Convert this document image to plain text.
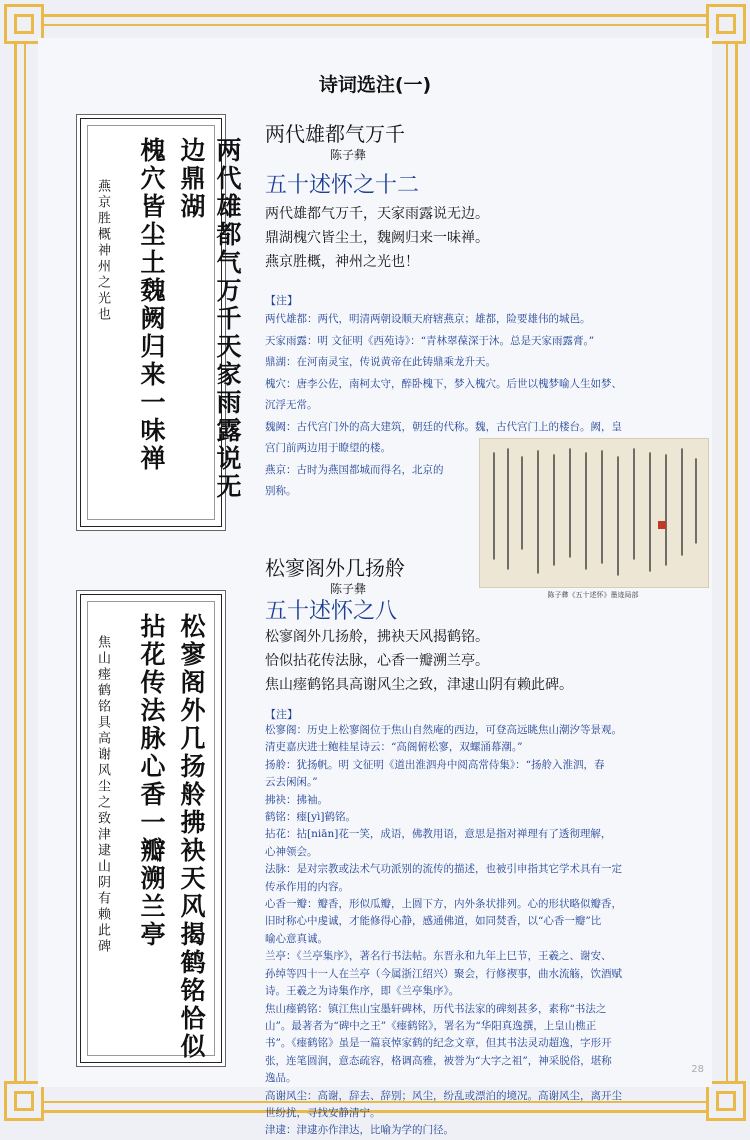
诗词选注(一)
两代雄都气万千天家雨露说无边鼎湖
槐穴皆尘土魏阙归来一味禅
燕京胜概神州之光也
两代雄都气万千
陈子彝
五十述怀之十二
两代雄都气万千，天家雨露说无边。
鼎湖槐穴皆尘土，魏阙归来一味禅。
燕京胜概，神州之光也！
【注】

两代雄都：两代，明清两朝设顺天府辖燕京；雄都，险要雄伟的城邑。

天家雨露：明 文征明《西苑诗》：“青林翠葆深于沐。总是天家雨露膏。”

鼎湖：在河南灵宝，传说黄帝在此铸鼎乘龙升天。

槐穴：唐李公佐，南柯太守，醉卧槐下，梦入槐穴。后世以槐梦喻人生如梦、

沉浮无常。

魏阙：古代宫门外的高大建筑，朝廷的代称。魏，古代宫门上的楼台。阙，皇

宫门前两边用于瞭望的楼。

燕京：古时为燕国都城而得名，北京的

别称。

陈子彝《五十述怀》墨迹局部
松寥阁外几扬舲拂袂天风揭鹤铭恰似
拈花传法脉心香一瓣溯兰亭
焦山瘗鹤铭具高谢风尘之致津逮山阴有赖此碑
松寥阁外几扬舲
陈子彝
五十述怀之八
松寥阁外几扬舲，拂袂天风揭鹤铭。
恰似拈花传法脉，心香一瓣溯兰亭。
焦山瘗鹤铭具高谢风尘之致，津逮山阴有赖此碑。
【注】

松寥阁：历史上松寥阁位于焦山自然庵的西边，可登高远眺焦山潮汐等景观。

清吏嘉庆进士鲍桂星诗云：“高阁俯松寥，双螺涌幕潮。”

扬舲：犹扬帆。明 文征明《道出淮泗舟中阅高常侍集》：“扬舲入淮泗，春

云去闲闲。”

拂袂：拂袖。

鹤铭：瘗[yì]鹤铭。

拈花：拈[niān]花一笑，成语，佛教用语，意思是指对禅理有了透彻理解，

心神领会。

法脉：是对宗教或法术气功派别的流传的描述，也被引申指其它学术具有一定

传承作用的内容。

心香一瓣：瓣香，形似瓜瓣，上圆下方，内外条状排列。心的形状略似瓣香，

旧时称心中虔诚，才能修得心静，感通佛道，如同焚香，以“心香一瓣”比

喻心意真诚。

兰亭：《兰亭集序》，著名行书法帖。东晋永和九年上巳节，王羲之、谢安、

孙绰等四十一人在兰亭（今属浙江绍兴）聚会，行修禊事，曲水流觞，饮酒赋

诗。王羲之为诗集作序，即《兰亭集序》。

焦山瘗鹤铭：镇江焦山宝墨轩碑林，历代书法家的碑刻甚多，素称“书法之

山”。最著者为“碑中之王”《瘗鹤铭》，署名为“华阳真逸撰，上皇山樵正

书”。《瘗鹤铭》虽是一篇哀悼家鹤的纪念文章，但其书法灵动超逸，字形开

张，连笔圆润，意态疏容，格调高雅，被誉为“大字之祖”，神采脱俗，堪称

逸品。

高谢风尘：高谢，辞去、辞别；风尘，纷乱或漂泊的境况。高谢风尘，离开尘

世纷扰，寻找安静清宁。

津逮：津逮亦作津达，比喻为学的门径。

28
